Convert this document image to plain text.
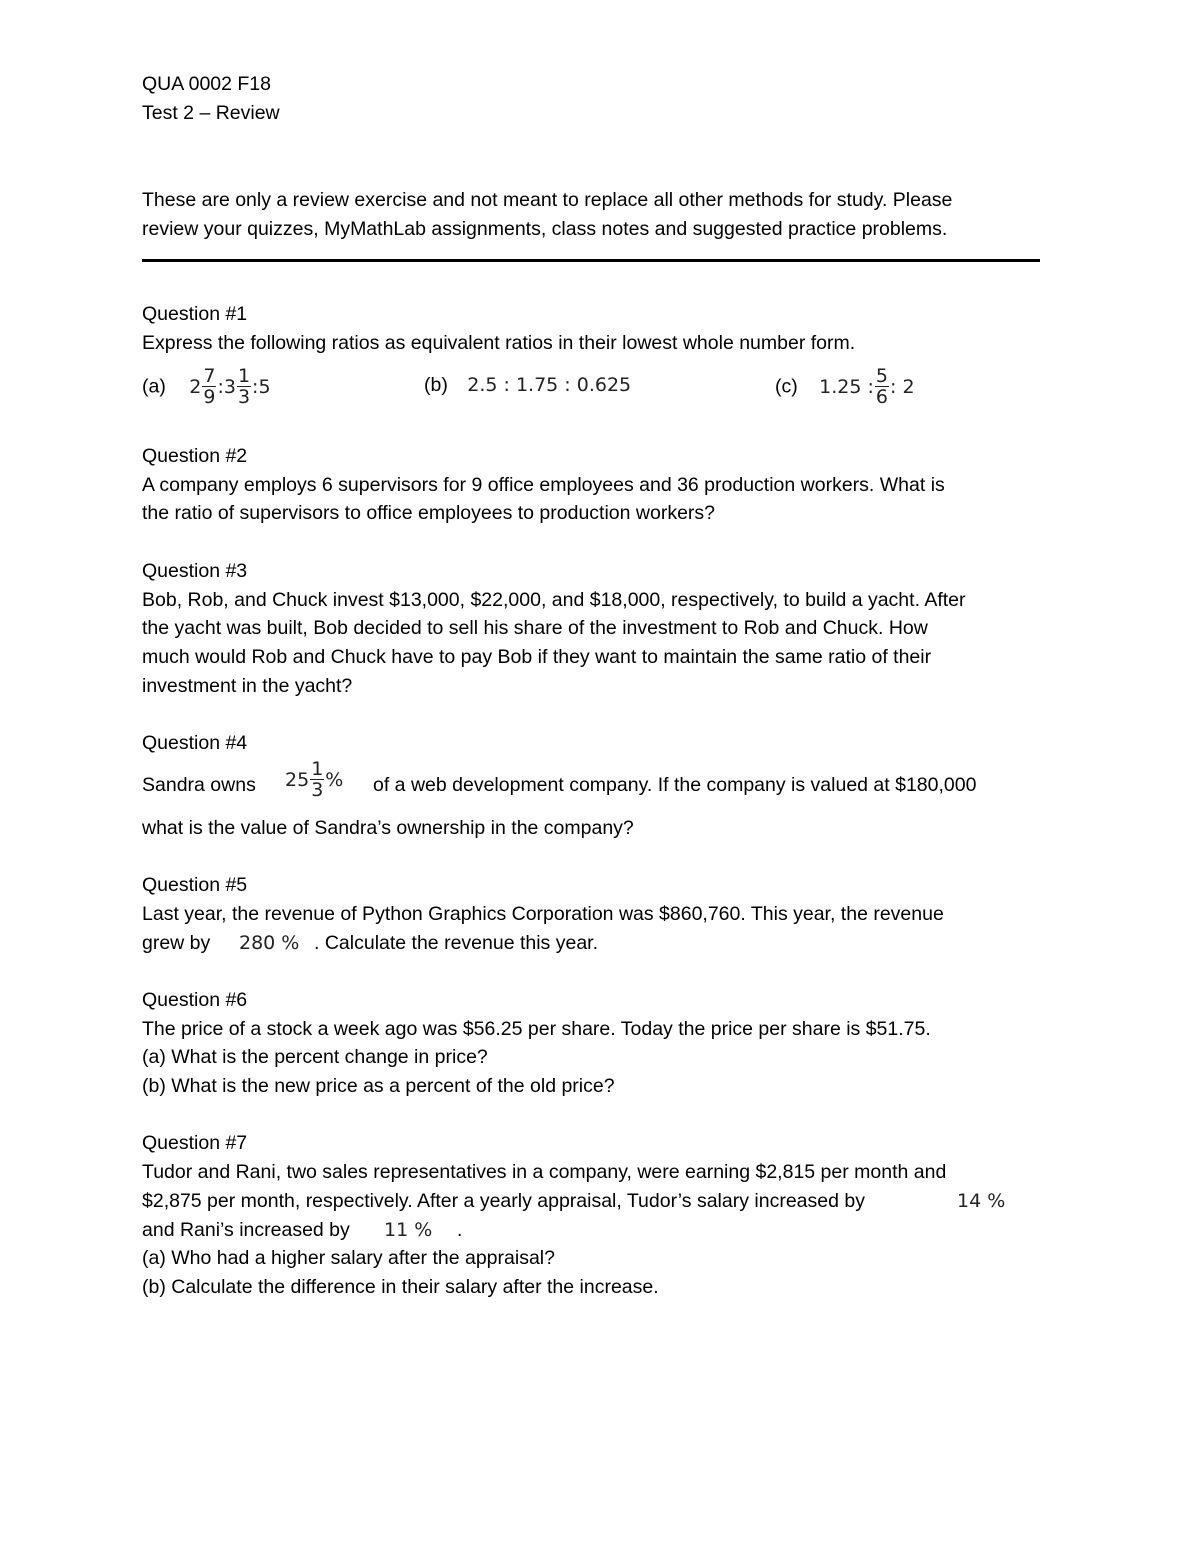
QUA 0002 F18
Test 2 – Review
These are only a review exercise and not meant to replace all other methods for study. Please
review your quizzes, MyMathLab assignments, class notes and suggested practice problems.
Question #1
Express the following ratios as equivalent ratios in their lowest whole number form.
(a) $2 \frac{7}{9}$ :3 $\frac{1}{3}$ :5	(b) 2.5 : 1.75 : 0.625	(c) 1.25 : $\frac{5}{6}$ : 2
Question #2
A company employs 6 supervisors for 9 office employees and 36 production workers. What is
the ratio of supervisors to office employees to production workers?
Question #3
Bob, Rob, and Chuck invest $13,000, $22,000, and $18,000, respectively, to build a yacht. After
the yacht was built, Bob decided to sell his share of the investment to Rob and Chuck. How
much would Rob and Chuck have to pay Bob if they want to maintain the same ratio of their
investment in the yacht?
Question #4
Sandra owns $25 \frac{1}{3}$ % of a web development company. If the company is valued at $180,000
what is the value of Sandra’s ownership in the company?
Question #5
Last year, the revenue of Python Graphics Corporation was $860,760. This year, the revenue
grew by 280 % . Calculate the revenue this year.
Question #6
The price of a stock a week ago was $56.25 per share. Today the price per share is $51.75.
(a) What is the percent change in price?
(b) What is the new price as a percent of the old price?
Question #7
Tudor and Rani, two sales representatives in a company, were earning $2,815 per month and
$2,875 per month, respectively. After a yearly appraisal, Tudor’s salary increased by	14 %
and Rani’s increased by 11 % .
(a) Who had a higher salary after the appraisal?
(b) Calculate the difference in their salary after the increase.
